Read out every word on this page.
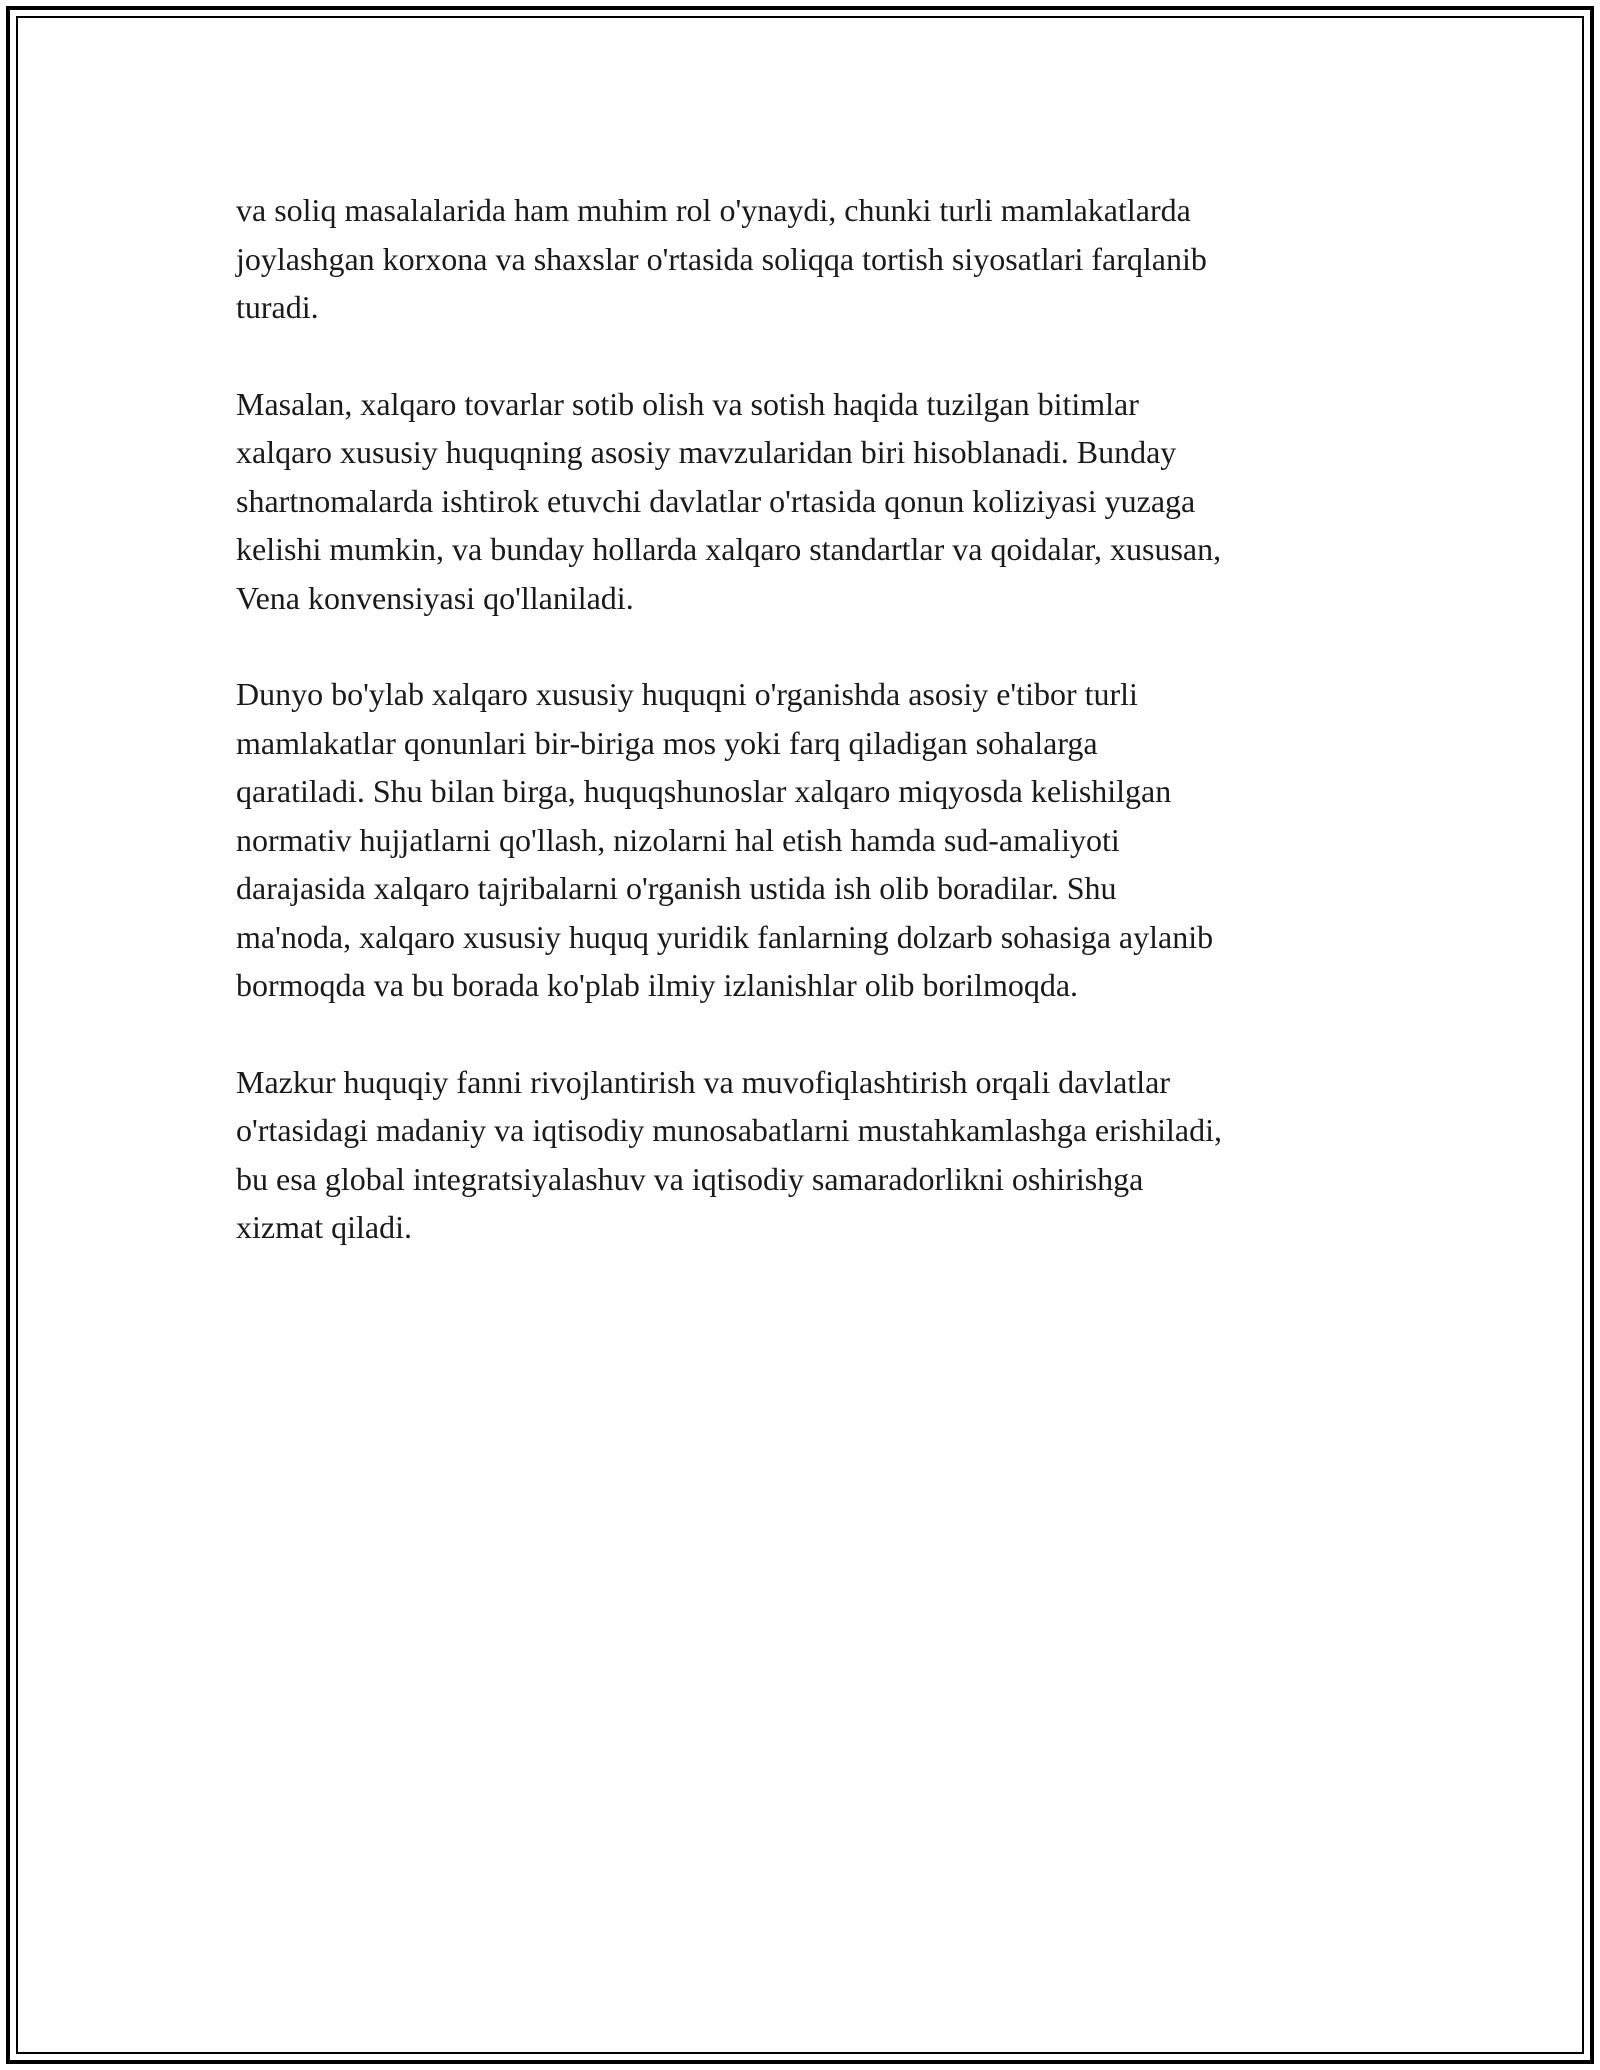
va soliq masalalarida ham muhim rol o'ynaydi, chunki turli mamlakatlarda
joylashgan korxona va shaxslar o'rtasida soliqqa tortish siyosatlari farqlanib
turadi.

Masalan, xalqaro tovarlar sotib olish va sotish haqida tuzilgan bitimlar
xalqaro xususiy huquqning asosiy mavzularidan biri hisoblanadi. Bunday
shartnomalarda ishtirok etuvchi davlatlar o'rtasida qonun koliziyasi yuzaga
kelishi mumkin, va bunday hollarda xalqaro standartlar va qoidalar, xususan,
Vena konvensiyasi qo'llaniladi.

Dunyo bo'ylab xalqaro xususiy huquqni o'rganishda asosiy e'tibor turli
mamlakatlar qonunlari bir-biriga mos yoki farq qiladigan sohalarga
qaratiladi. Shu bilan birga, huquqshunoslar xalqaro miqyosda kelishilgan
normativ hujjatlarni qo'llash, nizolarni hal etish hamda sud-amaliyoti
darajasida xalqaro tajribalarni o'rganish ustida ish olib boradilar. Shu
ma'noda, xalqaro xususiy huquq yuridik fanlarning dolzarb sohasiga aylanib
bormoqda va bu borada ko'plab ilmiy izlanishlar olib borilmoqda.

Mazkur huquqiy fanni rivojlantirish va muvofiqlashtirish orqali davlatlar
o'rtasidagi madaniy va iqtisodiy munosabatlarni mustahkamlashga erishiladi,
bu esa global integratsiyalashuv va iqtisodiy samaradorlikni oshirishga
xizmat qiladi.
